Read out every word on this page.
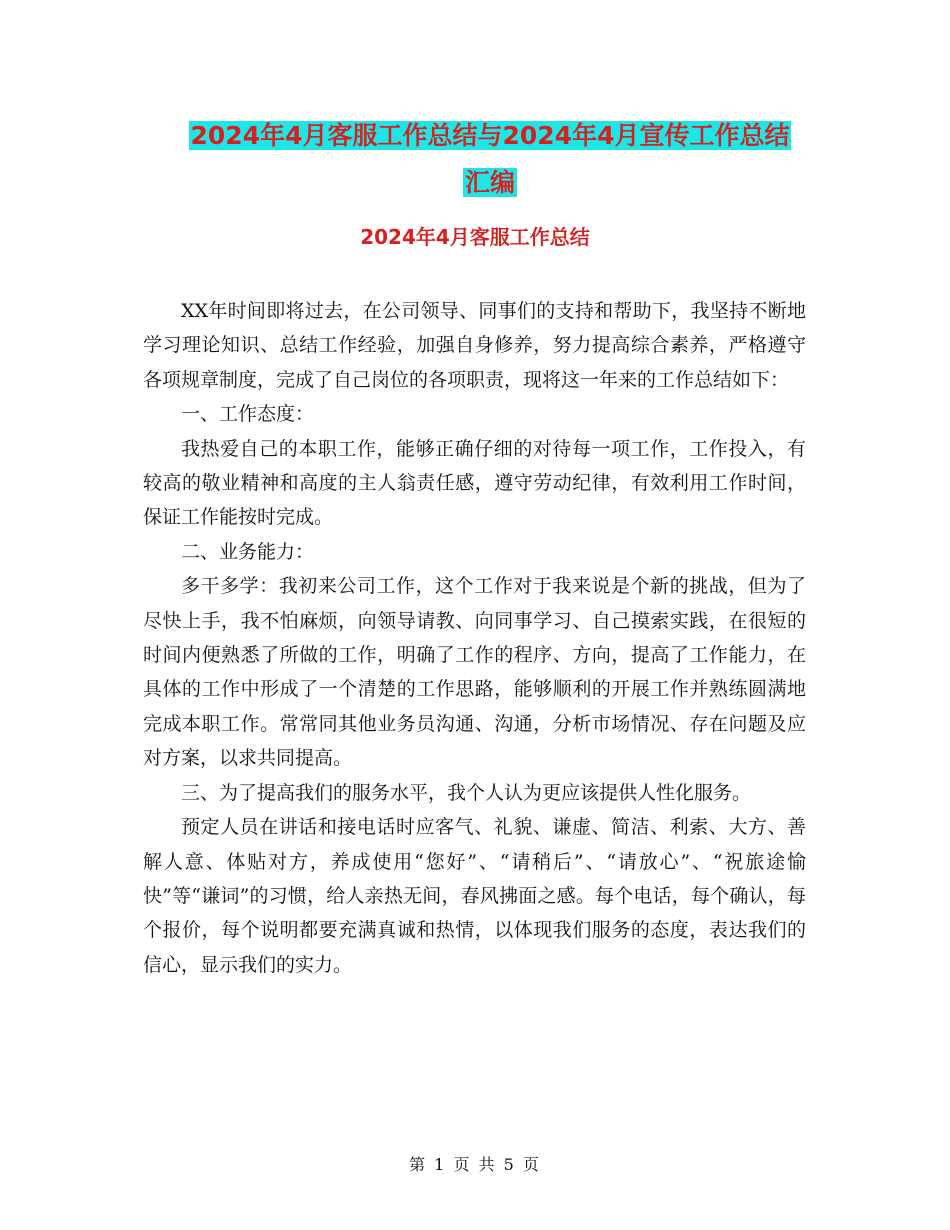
2024年4月客服工作总结与2024年4月宣传工作总结
汇编
2024年4月客服工作总结

XX年时间即将过去，在公司领导、同事们的支持和帮助下，我坚持不断地学习理论知识、总结工作经验，加强自身修养，努力提高综合素养，严格遵守各项规章制度，完成了自己岗位的各项职责，现将这一年来的工作总结如下：

一、工作态度：

我热爱自己的本职工作，能够正确仔细的对待每一项工作，工作投入，有较高的敬业精神和高度的主人翁责任感，遵守劳动纪律，有效利用工作时间，保证工作能按时完成。

二、业务能力：

多干多学：我初来公司工作，这个工作对于我来说是个新的挑战，但为了尽快上手，我不怕麻烦，向领导请教、向同事学习、自己摸索实践，在很短的时间内便熟悉了所做的工作，明确了工作的程序、方向，提高了工作能力，在具体的工作中形成了一个清楚的工作思路，能够顺利的开展工作并熟练圆满地完成本职工作。常常同其他业务员沟通、沟通，分析市场情况、存在问题及应对方案，以求共同提高。

三、为了提高我们的服务水平，我个人认为更应该提供人性化服务。

预定人员在讲话和接电话时应客气、礼貌、谦虚、简洁、利索、大方、善解人意、体贴对方，养成使用“您好”、“请稍后”、“请放心”、“祝旅途愉快”等“谦词”的习惯，给人亲热无间，春风拂面之感。每个电话，每个确认，每个报价，每个说明都要充满真诚和热情，以体现我们服务的态度，表达我们的信心，显示我们的实力。

第 1 页 共 5 页
